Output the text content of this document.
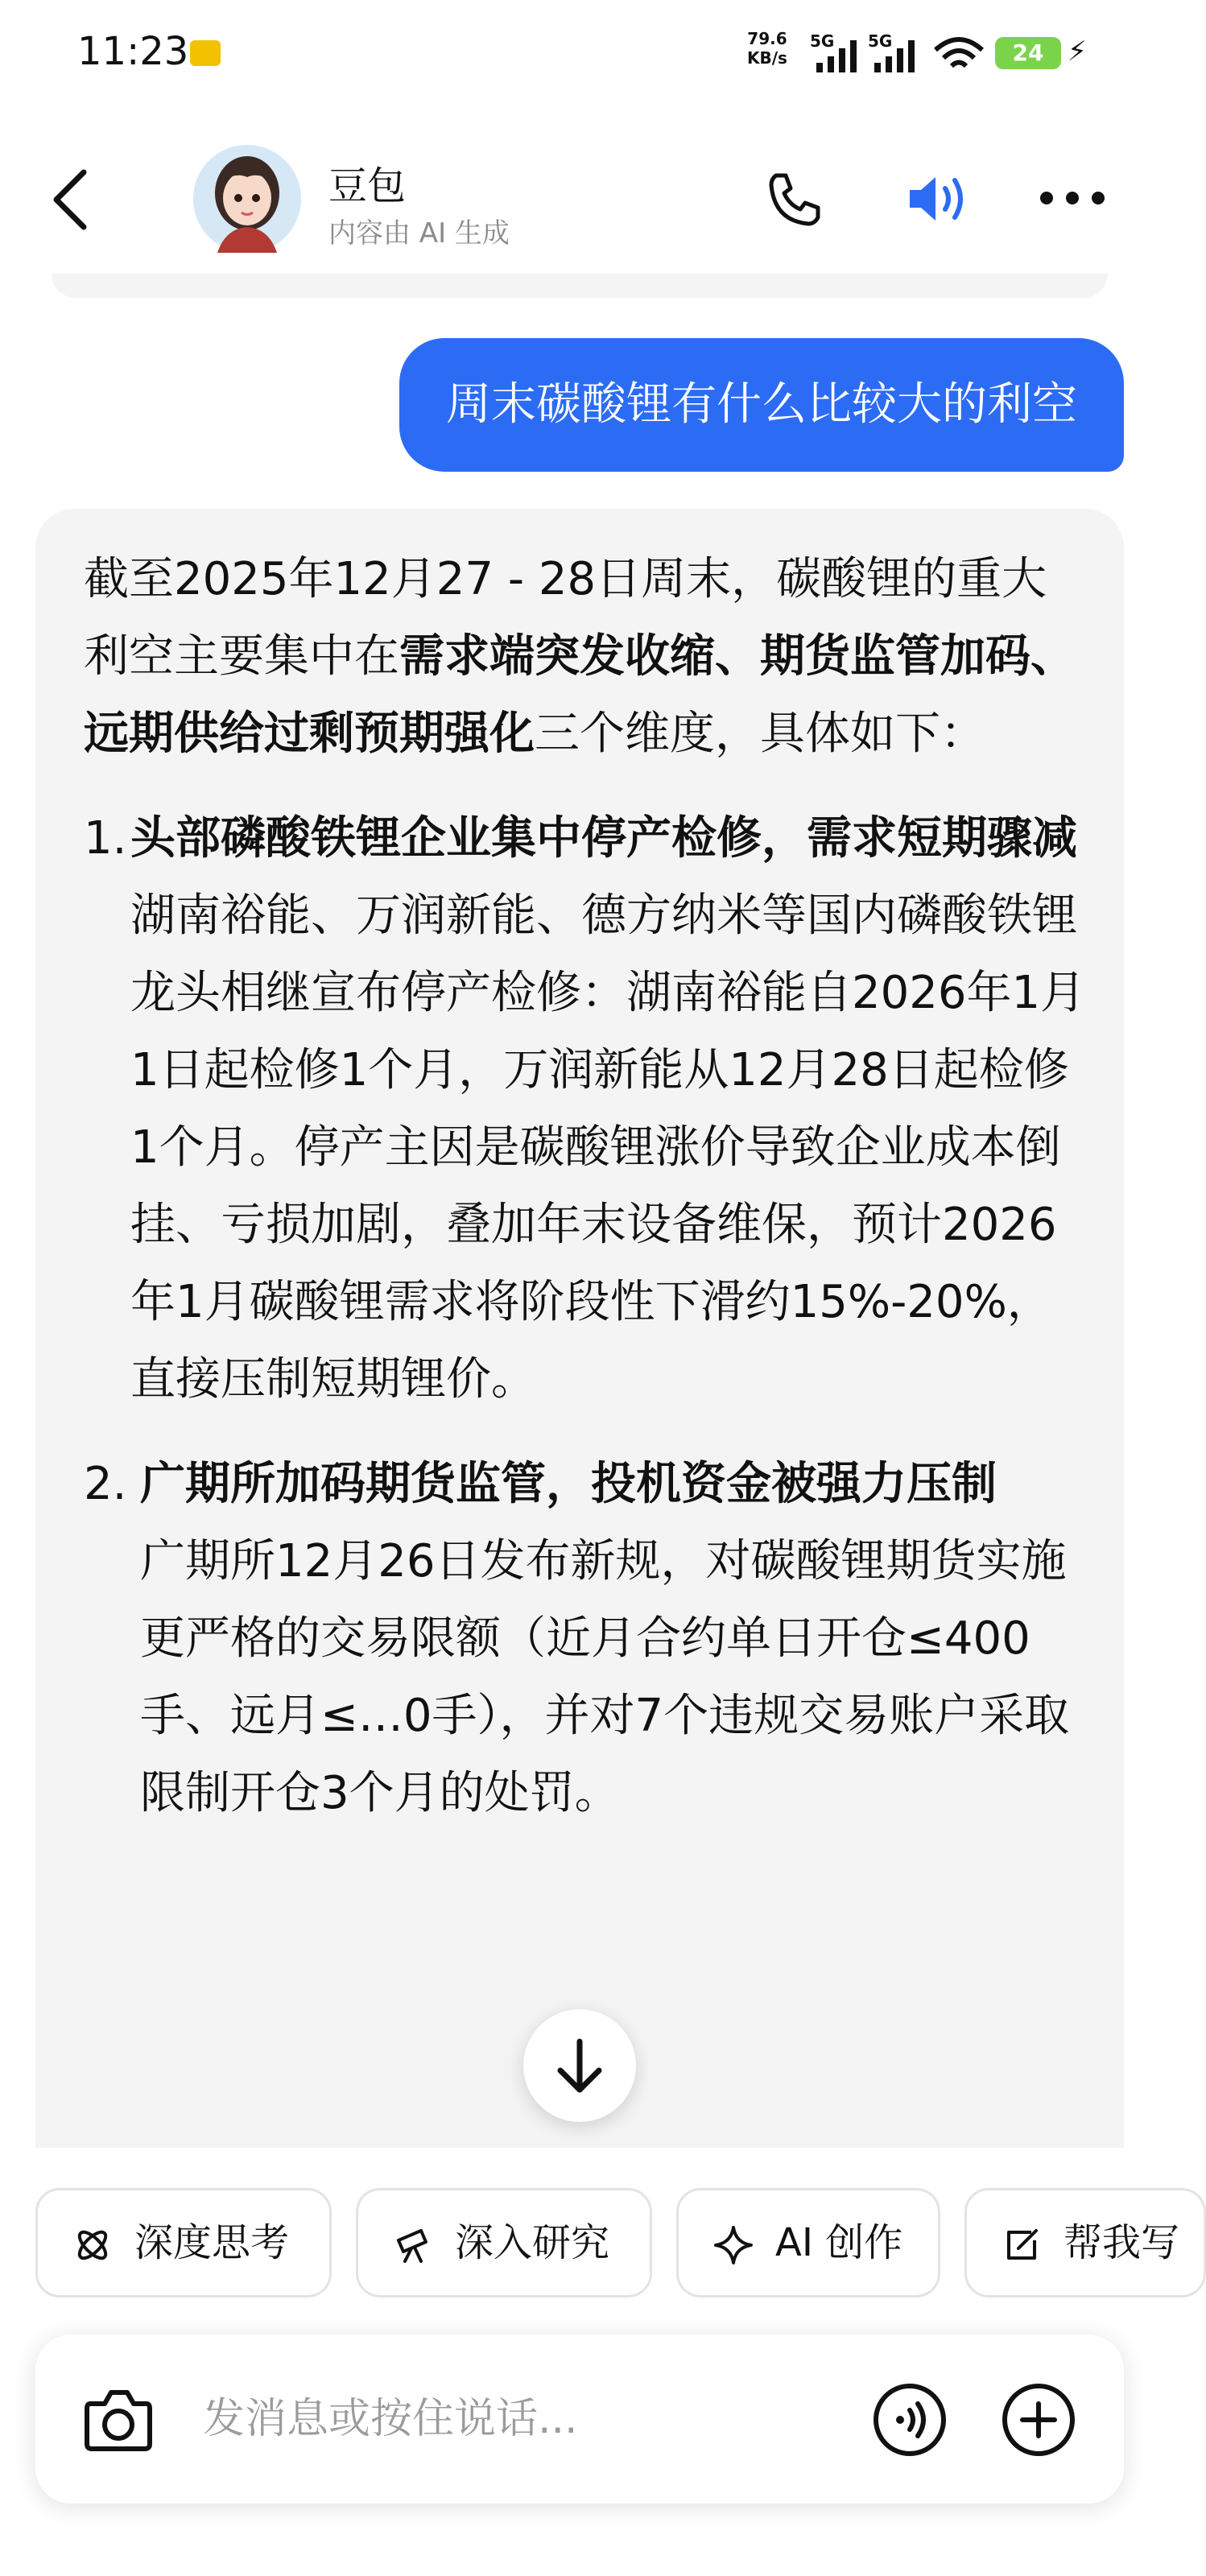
11:23	79.6
KB/s
5G 5G	24 ⚡
豆包
内容由 AI 生成
周末碳酸锂有什么比较大的利空
截至2025年12月27 - 28日周末，碳酸锂的重大利空主要集中在需求端突发收缩、期货监管加码、远期供给过剩预期强化三个维度，具体如下：
1. 头部磷酸铁锂企业集中停产检修，需求短期骤减
湖南裕能、万润新能、德方纳米等国内磷酸铁锂龙头相继宣布停产检修：湖南裕能自2026年1月1日起检修1个月，万润新能从12月28日起检修1个月。停产主因是碳酸锂涨价导致企业成本倒挂、亏损加剧，叠加年末设备维保，预计2026年1月碳酸锂需求将阶段性下滑约15%-20%，直接压制短期锂价。
2. 广期所加码期货监管，投机资金被强力压制
广期所12月26日发布新规，对碳酸锂期货实施更严格的交易限额（近月合约单日开仓≤400手、远月≤…0手），并对7个违规交易账户采取限制开仓3个月的处罚。
深度思考	深入研究	AI 创作	帮我写
发消息或按住说话...
